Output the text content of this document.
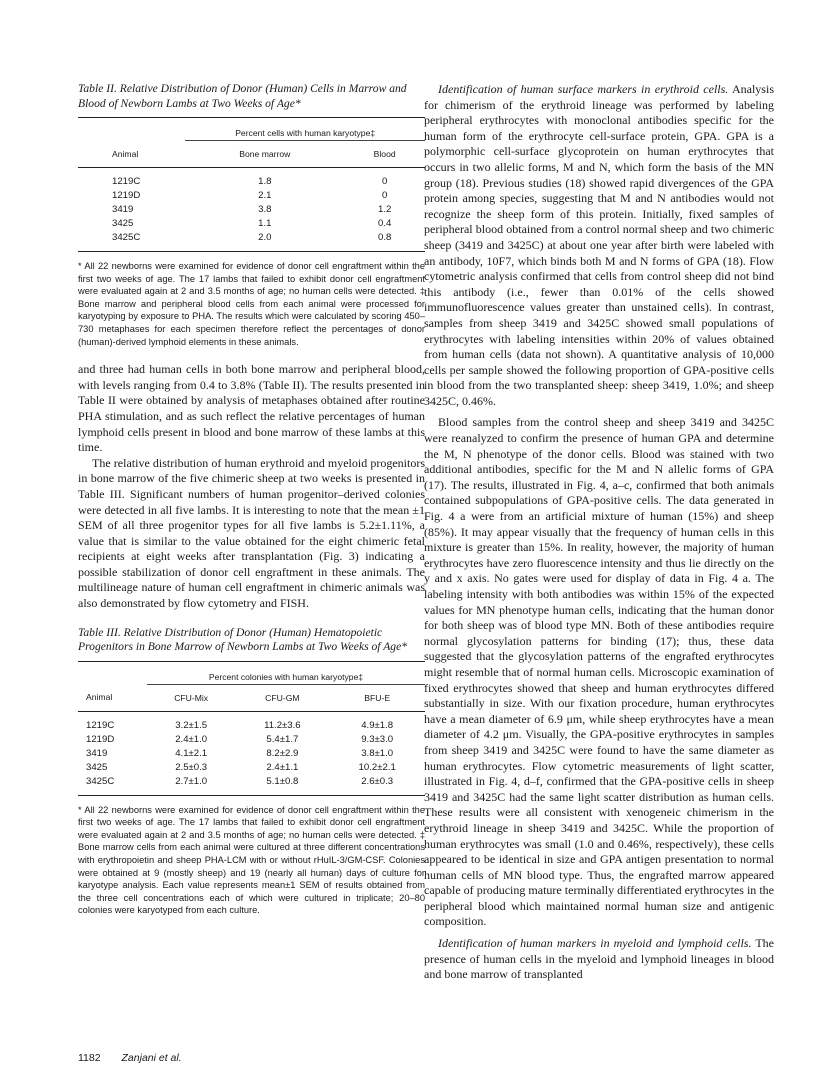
Table II. Relative Distribution of Donor (Human) Cells in Marrow and Blood of Newborn Lambs at Two Weeks of Age*

	Percent cells with human karyotype‡	
Animal	Bone marrow	Blood
1219C	1.8	0
1219D	2.1	0
3419	3.8	1.2
3425	1.1	0.4
3425C	2.0	0.8

* All 22 newborns were examined for evidence of donor cell engraftment within the first two weeks of age. The 17 lambs that failed to exhibit donor cell engraftment were evaluated again at 2 and 3.5 months of age; no human cells were detected. ‡ Bone marrow and peripheral blood cells from each animal were processed for karyotyping by exposure to PHA. The results which were calculated by scoring 450–730 metaphases for each specimen therefore reflect the percentages of donor (human)-derived lymphoid elements in these animals.

and three had human cells in both bone marrow and peripheral blood, with levels ranging from 0.4 to 3.8% (Table II). The results presented in Table II were obtained by analysis of metaphases obtained after routine PHA stimulation, and as such reflect the relative percentages of human lymphoid cells present in blood and bone marrow of these lambs at this time.

The relative distribution of human erythroid and myeloid progenitors in bone marrow of the five chimeric sheep at two weeks is presented in Table III. Significant numbers of human progenitor–derived colonies were detected in all five lambs. It is interesting to note that the mean ±1 SEM of all three progenitor types for all five lambs is 5.2±1.11%, a value that is similar to the value obtained for the eight chimeric fetal recipients at eight weeks after transplantation (Fig. 3) indicating a possible stabilization of donor cell engraftment in these animals. The multilineage nature of human cell engraftment in chimeric animals was also demonstrated by flow cytometry and FISH.

Table III. Relative Distribution of Donor (Human) Hematopoietic Progenitors in Bone Marrow of Newborn Lambs at Two Weeks of Age*

	Percent colonies with human karyotype‡		
Animal	CFU-Mix	CFU-GM	BFU-E
1219C	3.2±1.5	11.2±3.6	4.9±1.8
1219D	2.4±1.0	5.4±1.7	9.3±3.0
3419	4.1±2.1	8.2±2.9	3.8±1.0
3425	2.5±0.3	2.4±1.1	10.2±2.1
3425C	2.7±1.0	5.1±0.8	2.6±0.3

* All 22 newborns were examined for evidence of donor cell engraftment within the first two weeks of age. The 17 lambs that failed to exhibit donor cell engraftment were evaluated again at 2 and 3.5 months of age; no human cells were detected. ‡ Bone marrow cells from each animal were cultured at three different concentrations with erythropoietin and sheep PHA-LCM with or without rHuIL-3/GM-CSF. Colonies were obtained at 9 (mostly sheep) and 19 (nearly all human) days of culture for karyotype analysis. Each value represents mean±1 SEM of results obtained from the three cell concentrations each of which were cultured in triplicate; 20–80 colonies were karyotyped from each culture.

Identification of human surface markers in erythroid cells. Analysis for chimerism of the erythroid lineage was performed by labeling peripheral erythrocytes with monoclonal antibodies specific for the human form of the erythrocyte cell-surface protein, GPA. GPA is a polymorphic cell-surface glycoprotein on human erythrocytes that occurs in two allelic forms, M and N, which form the basis of the MN group (18). Previous studies (18) showed rapid divergences of the GPA protein among species, suggesting that M and N antibodies would not recognize the sheep form of this protein. Initially, fixed samples of peripheral blood obtained from a control normal sheep and two chimeric sheep (3419 and 3425C) at about one year after birth were labeled with an antibody, 10F7, which binds both M and N forms of GPA (18). Flow cytometric analysis confirmed that cells from control sheep did not bind this antibody (i.e., fewer than 0.01% of the cells showed immunofluorescence values greater than unstained cells). In contrast, samples from sheep 3419 and 3425C showed small populations of erythrocytes with labeling intensities within 20% of values obtained from human cells (data not shown). A quantitative analysis of 10,000 cells per sample showed the following proportion of GPA-positive cells in blood from the two transplanted sheep: sheep 3419, 1.0%; and sheep 3425C, 0.46%.

Blood samples from the control sheep and sheep 3419 and 3425C were reanalyzed to confirm the presence of human GPA and determine the M, N phenotype of the donor cells. Blood was stained with two additional antibodies, specific for the M and N allelic forms of GPA (17). The results, illustrated in Fig. 4, a–c, confirmed that both animals contained subpopulations of GPA-positive cells. The data generated in Fig. 4 a were from an artificial mixture of human (15%) and sheep (85%). It may appear visually that the frequency of human cells in this mixture is greater than 15%. In reality, however, the majority of human erythrocytes have zero fluorescence intensity and thus lie directly on the y and x axis. No gates were used for display of data in Fig. 4 a. The labeling intensity with both antibodies was within 15% of the expected values for MN phenotype human cells, indicating that the human donor for both sheep was of blood type MN. Both of these antibodies require normal glycosylation patterns for binding (17); thus, these data suggested that the glycosylation patterns of the engrafted erythrocytes might resemble that of normal human cells. Microscopic examination of fixed erythrocytes showed that sheep and human erythrocytes differed substantially in size. With our fixation procedure, human erythrocytes have a mean diameter of 6.9 μm, while sheep erythrocytes have a mean diameter of 4.2 μm. Visually, the GPA-positive erythrocytes in samples from sheep 3419 and 3425C were found to have the same diameter as human erythrocytes. Flow cytometric measurements of light scatter, illustrated in Fig. 4, d–f, confirmed that the GPA-positive cells in sheep 3419 and 3425C had the same light scatter distribution as human cells. These results were all consistent with xenogeneic chimerism in the erythroid lineage in sheep 3419 and 3425C. While the proportion of human erythrocytes was small (1.0 and 0.46%, respectively), these cells appeared to be identical in size and GPA antigen presentation to normal human cells of MN blood type. Thus, the engrafted marrow appeared capable of producing mature terminally differentiated erythrocytes in the peripheral blood which maintained normal human size and antigenic composition.

Identification of human markers in myeloid and lymphoid cells. The presence of human cells in the myeloid and lymphoid lineages in blood and bone marrow of transplanted

1182 Zanjani et al.
